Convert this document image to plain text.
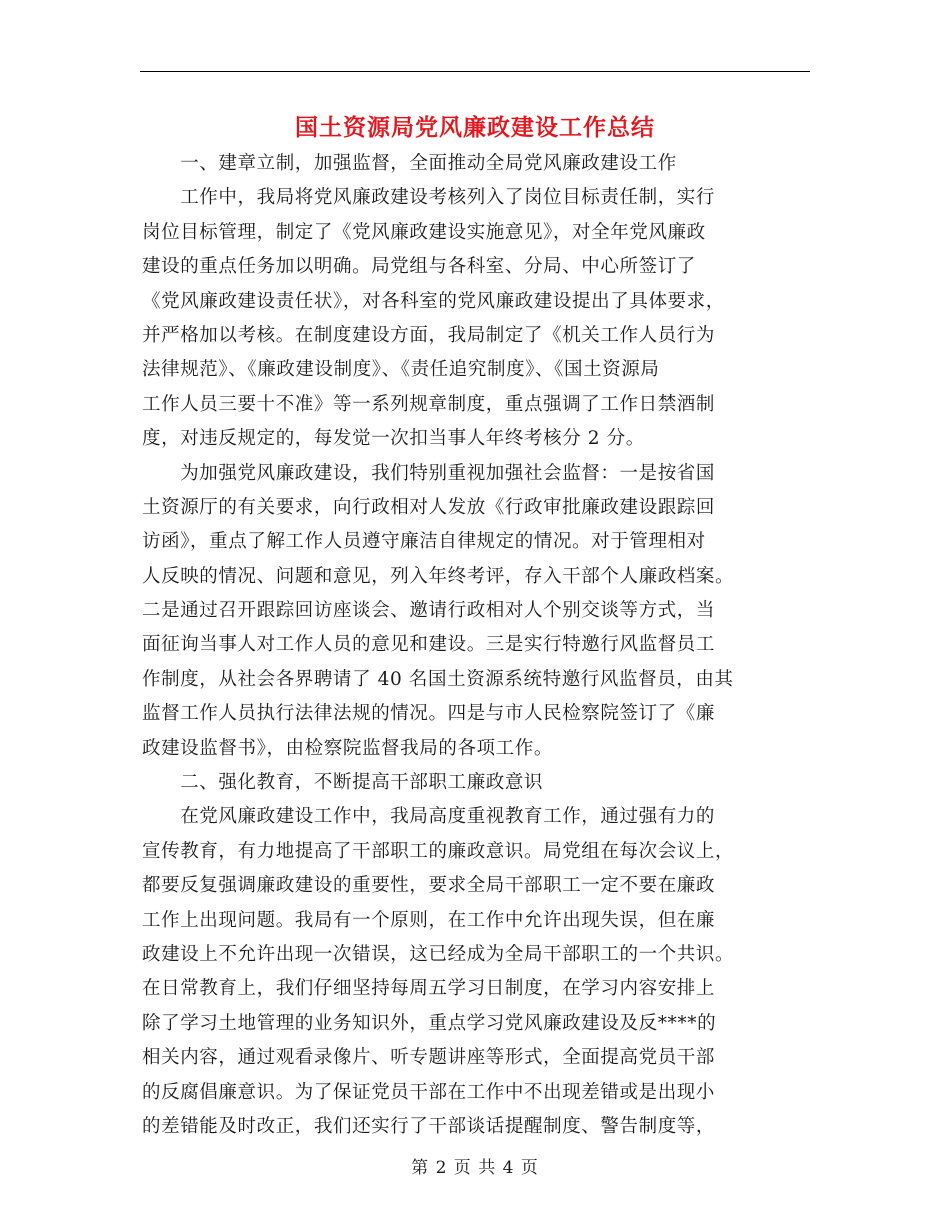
国土资源局党风廉政建设工作总结
　　一、建章立制，加强监督，全面推动全局党风廉政建设工作
　　工作中，我局将党风廉政建设考核列入了岗位目标责任制，实行
岗位目标管理，制定了《党风廉政建设实施意见》，对全年党风廉政
建设的重点任务加以明确。局党组与各科室、分局、中心所签订了
《党风廉政建设责任状》，对各科室的党风廉政建设提出了具体要求，
并严格加以考核。在制度建设方面，我局制定了《机关工作人员行为
法律规范》、《廉政建设制度》、《责任追究制度》、《国土资源局
工作人员三要十不准》等一系列规章制度，重点强调了工作日禁酒制
度，对违反规定的，每发觉一次扣当事人年终考核分 2 分。
　　为加强党风廉政建设，我们特别重视加强社会监督：一是按省国
土资源厅的有关要求，向行政相对人发放《行政审批廉政建设跟踪回
访函》，重点了解工作人员遵守廉洁自律规定的情况。对于管理相对
人反映的情况、问题和意见，列入年终考评，存入干部个人廉政档案。
二是通过召开跟踪回访座谈会、邀请行政相对人个别交谈等方式，当
面征询当事人对工作人员的意见和建设。三是实行特邀行风监督员工
作制度，从社会各界聘请了 40 名国土资源系统特邀行风监督员，由其
监督工作人员执行法律法规的情况。四是与市人民检察院签订了《廉
政建设监督书》，由检察院监督我局的各项工作。
　　二、强化教育，不断提高干部职工廉政意识
　　在党风廉政建设工作中，我局高度重视教育工作，通过强有力的
宣传教育，有力地提高了干部职工的廉政意识。局党组在每次会议上，
都要反复强调廉政建设的重要性，要求全局干部职工一定不要在廉政
工作上出现问题。我局有一个原则，在工作中允许出现失误，但在廉
政建设上不允许出现一次错误，这已经成为全局干部职工的一个共识。
在日常教育上，我们仔细坚持每周五学习日制度，在学习内容安排上
除了学习土地管理的业务知识外，重点学习党风廉政建设及反****的
相关内容，通过观看录像片、听专题讲座等形式，全面提高党员干部
的反腐倡廉意识。为了保证党员干部在工作中不出现差错或是出现小
的差错能及时改正，我们还实行了干部谈话提醒制度、警告制度等，
第 2 页 共 4 页
